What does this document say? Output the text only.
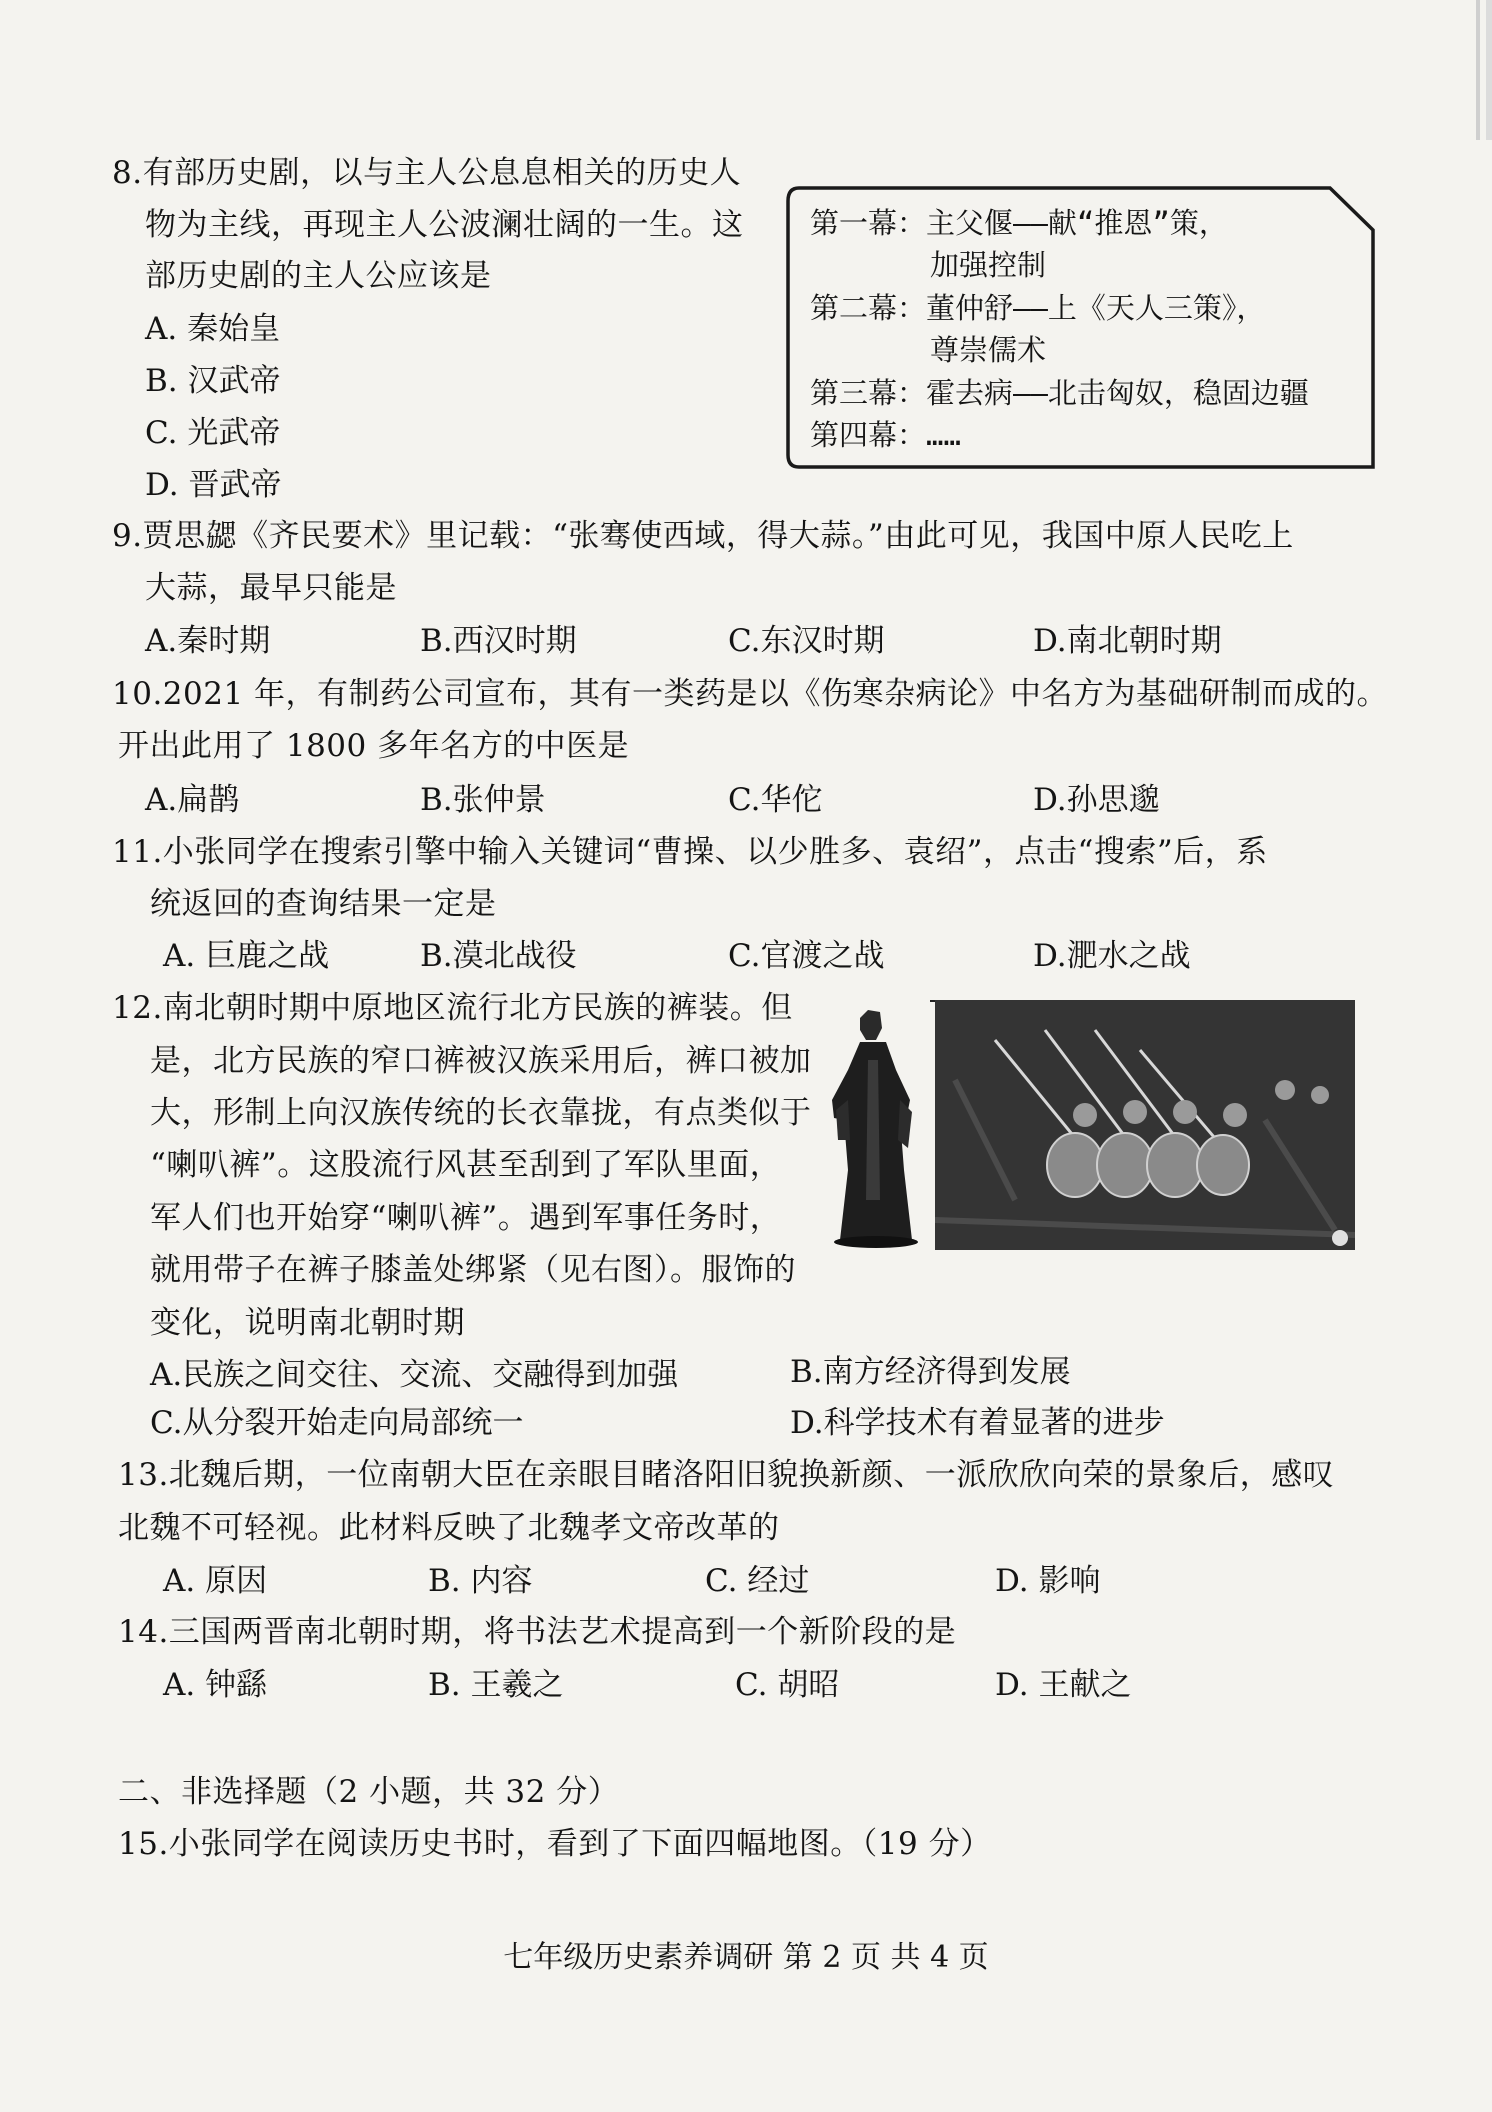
8.有部历史剧，以与主人公息息相关的历史人
物为主线，再现主人公波澜壮阔的一生。这
部历史剧的主人公应该是
A. 秦始皇
B. 汉武帝
C. 光武帝
D. 晋武帝
第一幕：主父偃——献“推恩”策，
加强控制
第二幕：董仲舒——上《天人三策》，
尊崇儒术
第三幕：霍去病——北击匈奴，稳固边疆
第四幕：……
9.贾思勰《齐民要术》里记载：“张骞使西域，得大蒜。”由此可见，我国中原人民吃上
大蒜，最早只能是
A.秦时期	B.西汉时期	C.东汉时期	D.南北朝时期
10.2021 年，有制药公司宣布，其有一类药是以《伤寒杂病论》中名方为基础研制而成的。
开出此用了 1800 多年名方的中医是
A.扁鹊	B.张仲景	C.华佗	D.孙思邈
11.小张同学在搜索引擎中输入关键词“曹操、以少胜多、袁绍”，点击“搜索”后，系
统返回的查询结果一定是
A. 巨鹿之战	B.漠北战役	C.官渡之战	D.淝水之战
12.南北朝时期中原地区流行北方民族的裤装。但
是，北方民族的窄口裤被汉族采用后，裤口被加
大，形制上向汉族传统的长衣靠拢，有点类似于
“喇叭裤”。这股流行风甚至刮到了军队里面，
军人们也开始穿“喇叭裤”。遇到军事任务时，
就用带子在裤子膝盖处绑紧（见右图）。服饰的
变化，说明南北朝时期
A.民族之间交往、交流、交融得到加强	B.南方经济得到发展
C.从分裂开始走向局部统一	D.科学技术有着显著的进步
13.北魏后期，一位南朝大臣在亲眼目睹洛阳旧貌换新颜、一派欣欣向荣的景象后，感叹
北魏不可轻视。此材料反映了北魏孝文帝改革的
A. 原因	B. 内容	C. 经过	D. 影响
14.三国两晋南北朝时期，将书法艺术提高到一个新阶段的是
A. 钟繇	B. 王羲之	C. 胡昭	D. 王献之
二、非选择题（2 小题，共 32 分）
15.小张同学在阅读历史书时，看到了下面四幅地图。（19 分）
七年级历史素养调研 第 2 页 共 4 页
